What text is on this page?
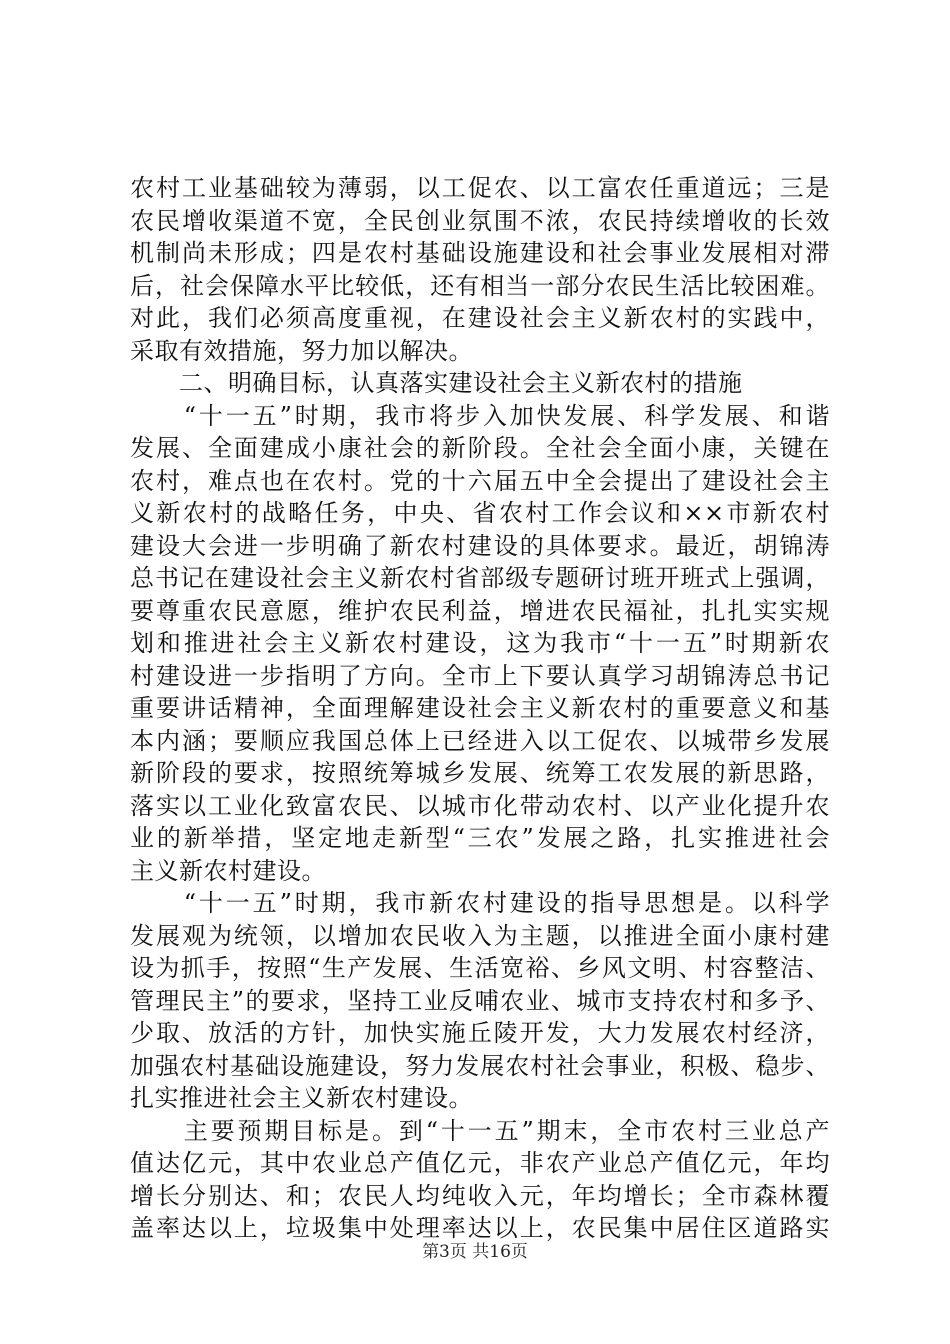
农村工业基础较为薄弱，以工促农、以工富农任重道远；三是
农民增收渠道不宽，全民创业氛围不浓，农民持续增收的长效
机制尚未形成；四是农村基础设施建设和社会事业发展相对滞
后，社会保障水平比较低，还有相当一部分农民生活比较困难。
对此，我们必须高度重视，在建设社会主义新农村的实践中，
采取有效措施，努力加以解决。
　　二、明确目标，认真落实建设社会主义新农村的措施
　　“十一五”时期，我市将步入加快发展、科学发展、和谐
发展、全面建成小康社会的新阶段。全社会全面小康，关键在
农村，难点也在农村。党的十六届五中全会提出了建设社会主
义新农村的战略任务，中央、省农村工作会议和××市新农村
建设大会进一步明确了新农村建设的具体要求。最近，胡锦涛
总书记在建设社会主义新农村省部级专题研讨班开班式上强调，
要尊重农民意愿，维护农民利益，增进农民福祉，扎扎实实规
划和推进社会主义新农村建设，这为我市“十一五”时期新农
村建设进一步指明了方向。全市上下要认真学习胡锦涛总书记
重要讲话精神，全面理解建设社会主义新农村的重要意义和基
本内涵；要顺应我国总体上已经进入以工促农、以城带乡发展
新阶段的要求，按照统筹城乡发展、统筹工农发展的新思路，
落实以工业化致富农民、以城市化带动农村、以产业化提升农
业的新举措，坚定地走新型“三农”发展之路，扎实推进社会
主义新农村建设。
　　“十一五”时期，我市新农村建设的指导思想是。以科学
发展观为统领，以增加农民收入为主题，以推进全面小康村建
设为抓手，按照“生产发展、生活宽裕、乡风文明、村容整洁、
管理民主”的要求，坚持工业反哺农业、城市支持农村和多予、
少取、放活的方针，加快实施丘陵开发，大力发展农村经济，
加强农村基础设施建设，努力发展农村社会事业，积极、稳步、
扎实推进社会主义新农村建设。
　　主要预期目标是。到“十一五”期末，全市农村三业总产
值达亿元，其中农业总产值亿元，非农产业总产值亿元，年均
增长分别达、和；农民人均纯收入元，年均增长；全市森林覆
盖率达以上，垃圾集中处理率达以上，农民集中居住区道路实
第3页 共16页
